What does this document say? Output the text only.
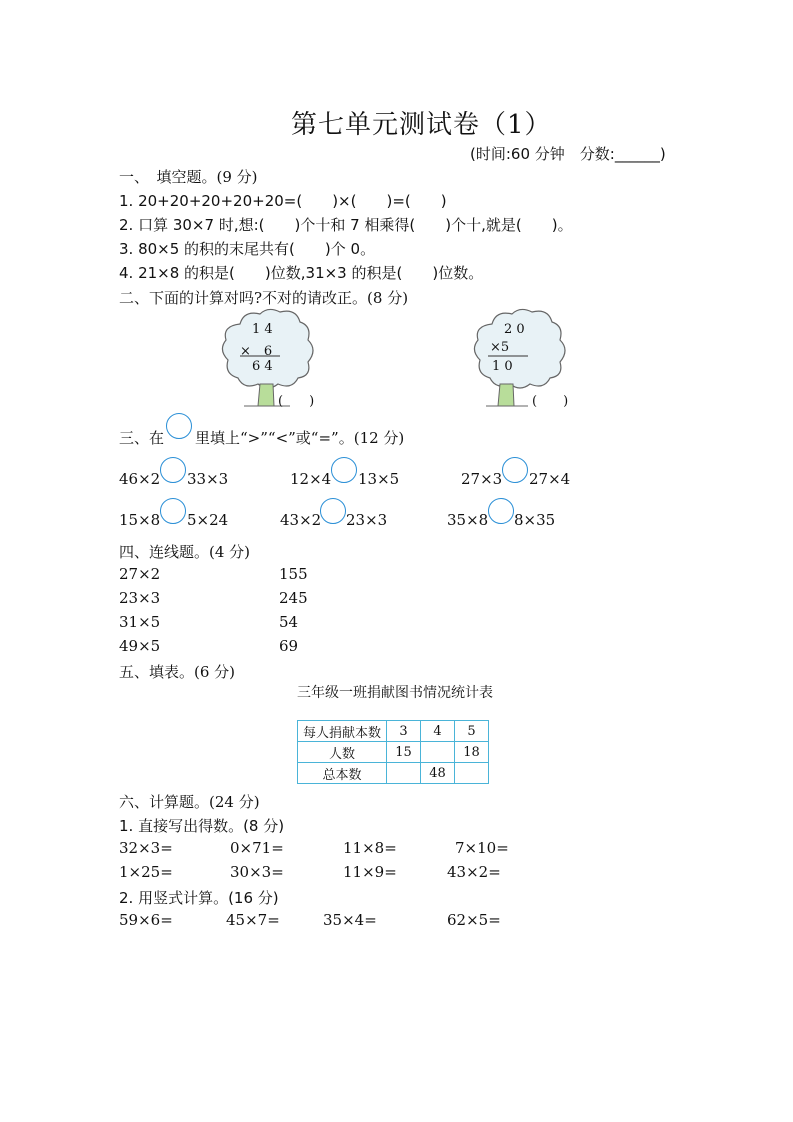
第七单元测试卷（1）
(时间:60 分钟　分数:______)
一、　填空题。(9 分)
1. 20+20+20+20+20=(　　)×(　　)=(　　)
2. 口算 30×7 时,想:(　　)个十和 7 相乘得(　　)个十,就是(　　)。
3. 80×5 的积的末尾共有(　　)个 0。
4. 21×8 的积是(　　)位数,31×3 的积是(　　)位数。
二、下面的计算对吗?不对的请改正。(8 分)
1 4
×　6
6 4
(　　)
2 0
×5
1 0
(　　)
三、在 里填上“>”“<”或“=”。(12 分)
46×2 33×3	12×4 13×5	27×3 27×4
15×8 5×24	43×2 23×3	35×8 8×35
四、连线题。(4 分)
27×2
23×3
31×5
49×5
155
245
54
69
五、填表。(6 分)
三年级一班捐献图书情况统计表
每人捐献本数	3	4	5
人数	15		18
总本数		48	
六、计算题。(24 分)
1. 直接写出得数。(8 分)
32×3=	0×71=	11×8=	7×10=
1×25=	30×3=	11×9=	43×2=
2. 用竖式计算。(16 分)
59×6=	45×7=	35×4=	62×5=
